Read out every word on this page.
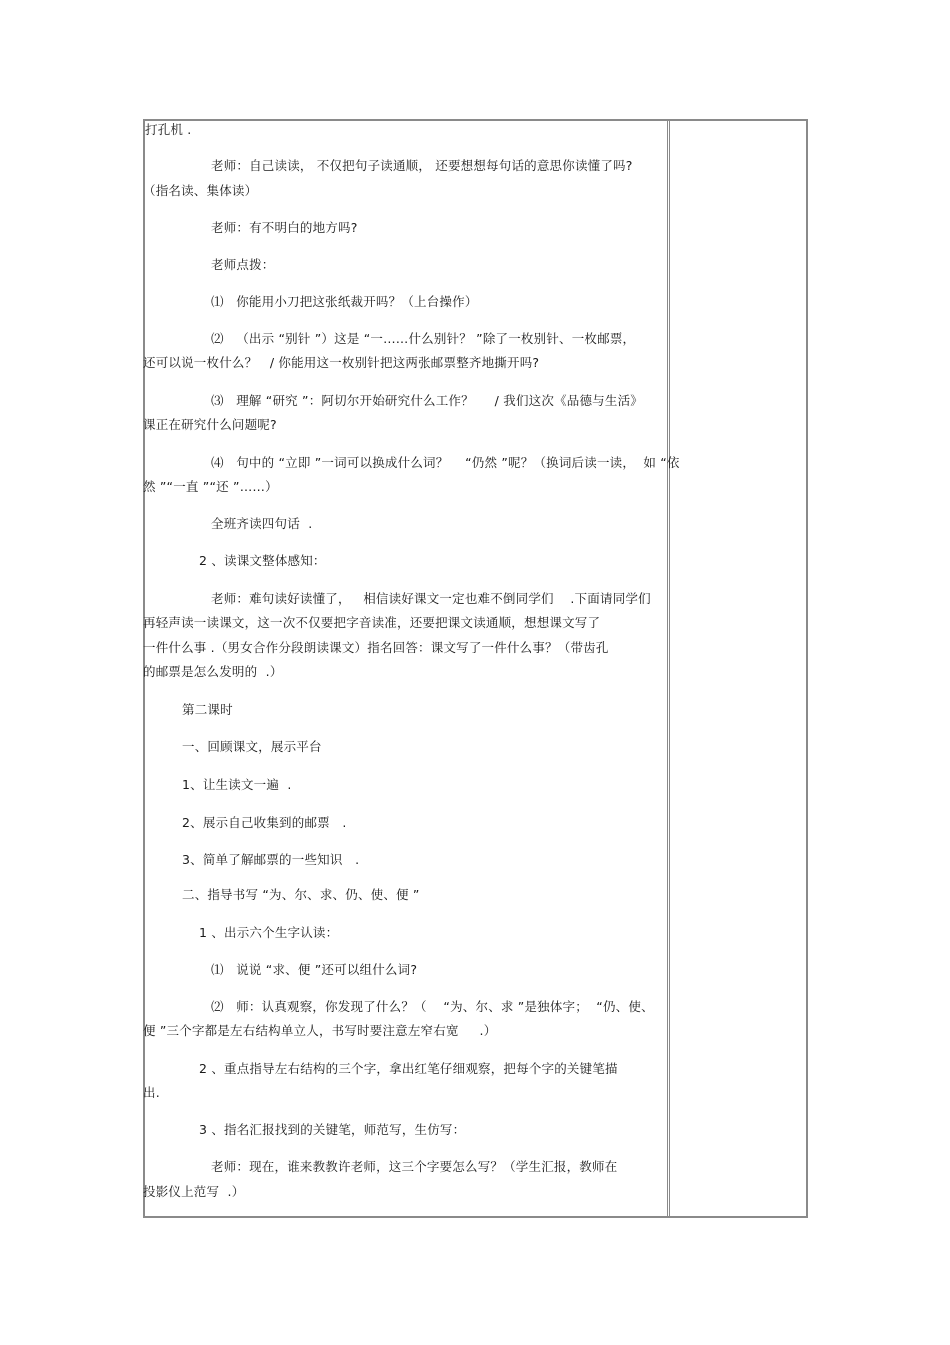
打孔机 .
老师：自己读读， 不仅把句子读通顺， 还要想想每句话的意思你读懂了吗?
（指名读、集体读）
老师：有不明白的地方吗?
老师点拨：
⑴   你能用小刀把这张纸裁开吗？（上台操作）
⑵   （出示 “别针 ”）这是 “一……什么别针？ ”除了一枚别针、一枚邮票，
还可以说一枚什么？   / 你能用这一枚别针把这两张邮票整齐地撕开吗?
⑶   理解 “研究 ”：阿切尔开始研究什么工作？     / 我们这次《品德与生活》
课正在研究什么问题呢?
⑷   句中的 “立即 ”一词可以换成什么词？    “仍然 ”呢？（换词后读一读，  如 “依
然 ”“一直 ”“还 ”……）
全班齐读四句话  .
2 、读课文整体感知：
老师：难句读好读懂了，   相信读好课文一定也难不倒同学们    .下面请同学们
再轻声读一读课文，这一次不仅要把字音读准，还要把课文读通顺，想想课文写了
一件什么事 .（男女合作分段朗读课文）指名回答：课文写了一件什么事？（带齿孔
的邮票是怎么发明的  .）
第二课时
一、回顾课文，展示平台
1、让生读文一遍  .
2、展示自己收集到的邮票   .
3、简单了解邮票的一些知识   .
二、指导书写 “为、尔、求、仍、使、便 ”
1 、出示六个生字认读：
⑴   说说 “求、便 ”还可以组什么词?
⑵   师：认真观察，你发现了什么？（    “为、尔、求 ”是独体字；  “仍、使、
便 ”三个字都是左右结构单立人，书写时要注意左窄右宽     .）
2 、重点指导左右结构的三个字，拿出红笔仔细观察，把每个字的关键笔描
出.
3 、指名汇报找到的关键笔，师范写，生仿写：
老师：现在，谁来教教许老师，这三个字要怎么写？（学生汇报，教师在
投影仪上范写  .）
